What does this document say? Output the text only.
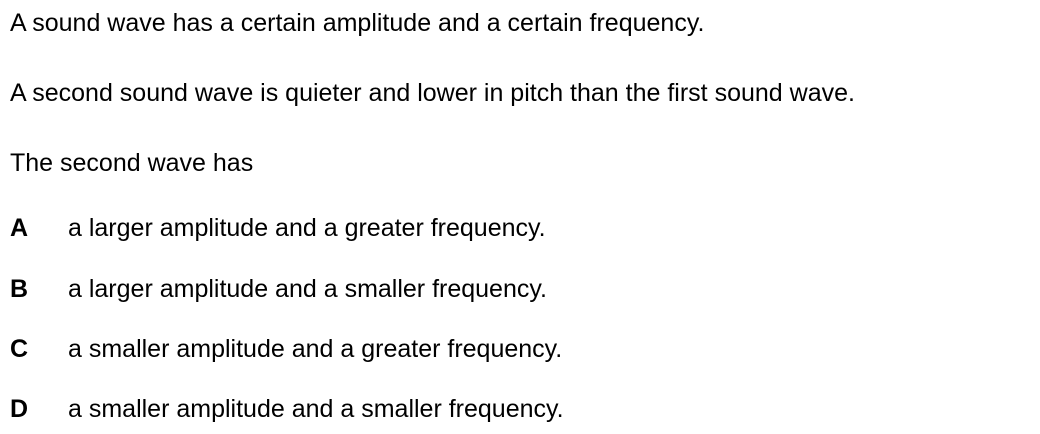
A sound wave has a certain amplitude and a certain frequency.
A second sound wave is quieter and lower in pitch than the first sound wave.
The second wave has
A	a larger amplitude and a greater frequency.
B	a larger amplitude and a smaller frequency.
C	a smaller amplitude and a greater frequency.
D	a smaller amplitude and a smaller frequency.
